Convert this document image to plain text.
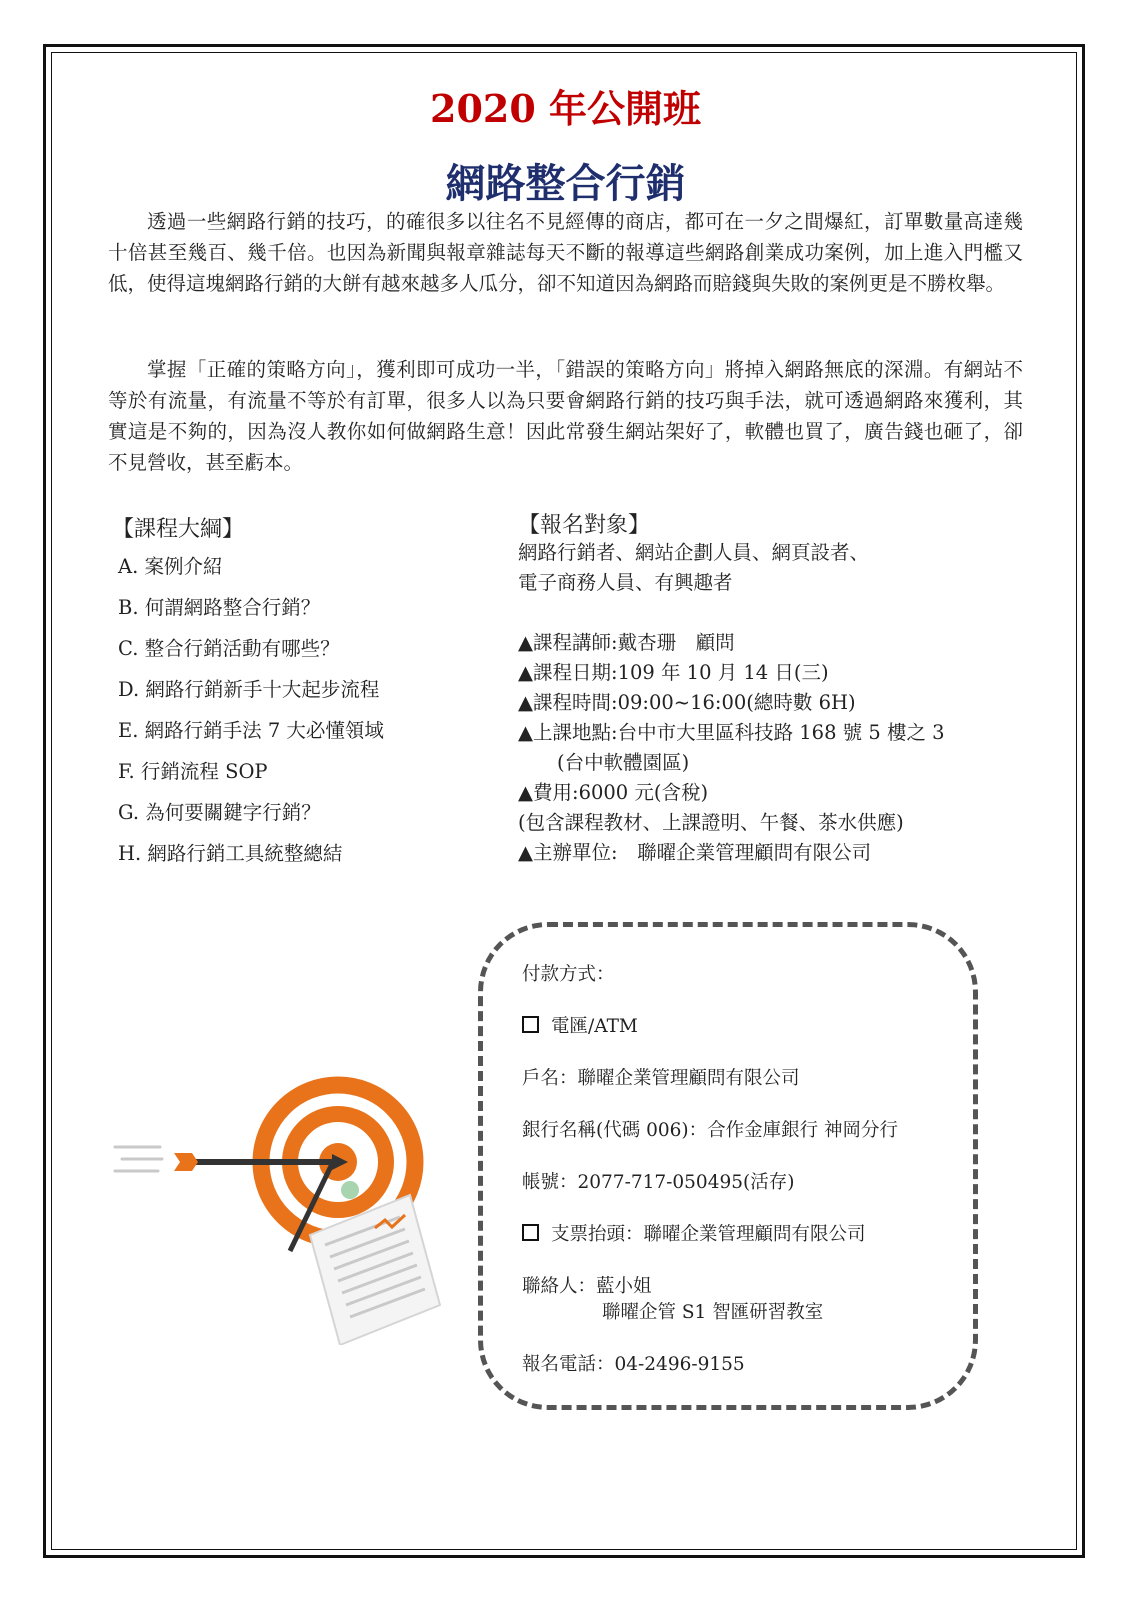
2020 年公開班
網路整合行銷

透過一些網路行銷的技巧，的確很多以往名不見經傳的商店，都可在一夕之間爆紅，訂單數量高達幾十倍甚至幾百、幾千倍。也因為新聞與報章雜誌每天不斷的報導這些網路創業成功案例，加上進入門檻又低，使得這塊網路行銷的大餅有越來越多人瓜分，卻不知道因為網路而賠錢與失敗的案例更是不勝枚舉。

掌握「正確的策略方向」，獲利即可成功一半，「錯誤的策略方向」將掉入網路無底的深淵。有網站不等於有流量，有流量不等於有訂單，很多人以為只要會網路行銷的技巧與手法，就可透過網路來獲利，其實這是不夠的，因為沒人教你如何做網路生意！因此常發生網站架好了，軟體也買了，廣告錢也砸了，卻不見營收，甚至虧本。

【課程大綱】
A. 案例介紹
B. 何謂網路整合行銷？
C. 整合行銷活動有哪些？
D. 網路行銷新手十大起步流程
E. 網路行銷手法 7 大必懂領域
F. 行銷流程 SOP
G. 為何要關鍵字行銷？
H. 網路行銷工具統整總結
【報名對象】
網路行銷者、網站企劃人員、網頁設者、
電子商務人員、有興趣者
▲課程講師:戴杏珊　顧問
▲課程日期:109 年 10 月 14 日(三)
▲課程時間:09:00~16:00(總時數 6H)
▲上課地點:台中市大里區科技路 168 號 5 樓之 3
　　(台中軟體園區)
▲費用:6000 元(含稅)
(包含課程教材、上課證明、午餐、茶水供應)
▲主辦單位:　聯曜企業管理顧問有限公司
付款方式：
電匯/ATM
戶名：聯曜企業管理顧問有限公司
銀行名稱(代碼 006)：合作金庫銀行 神岡分行
帳號：2077-717-050495(活存)
支票抬頭：聯曜企業管理顧問有限公司
聯絡人：藍小姐
聯曜企管 S1 智匯研習教室
報名電話：04-2496-9155
